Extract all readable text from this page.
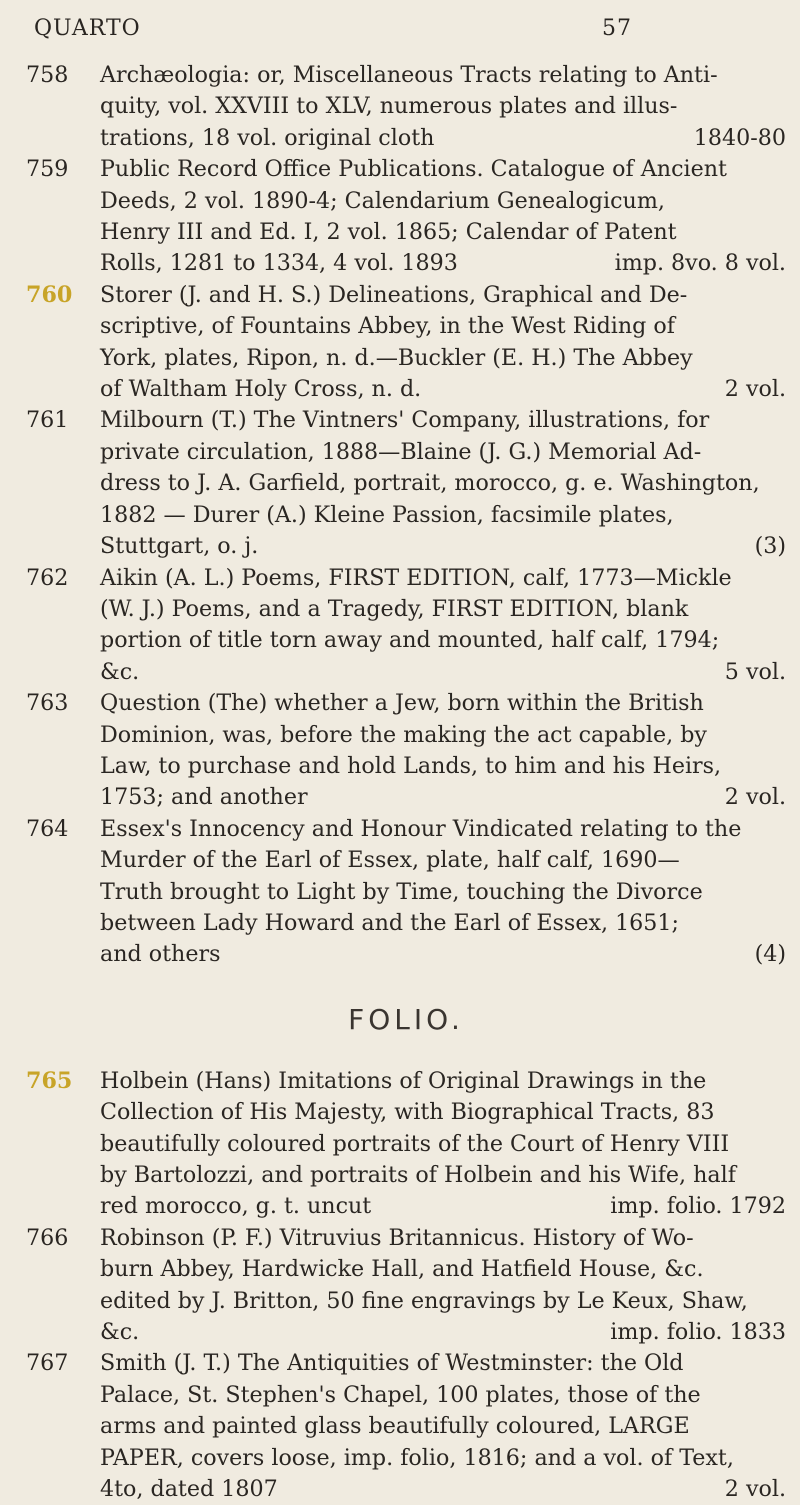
QUARTO	57
758	Archæologia: or, Miscellaneous Tracts relating to Anti-
quity, vol. XXVIII to XLV, numerous plates and illus-
trations, 18 vol. original cloth	1840-80
759	Public Record Office Publications. Catalogue of Ancient
Deeds, 2 vol. 1890-4; Calendarium Genealogicum,
Henry III and Ed. I, 2 vol. 1865; Calendar of Patent
Rolls, 1281 to 1334, 4 vol. 1893	imp. 8vo. 8 vol.
760	Storer (J. and H. S.) Delineations, Graphical and De-
scriptive, of Fountains Abbey, in the West Riding of
York, plates, Ripon, n. d.—Buckler (E. H.) The Abbey
of Waltham Holy Cross, n. d.	2 vol.
761	Milbourn (T.) The Vintners' Company, illustrations, for
private circulation, 1888—Blaine (J. G.) Memorial Ad-
dress to J. A. Garfield, portrait, morocco, g. e. Washington,
1882 — Durer (A.) Kleine Passion, facsimile plates,
Stuttgart, o. j.	(3)
762	Aikin (A. L.) Poems, FIRST EDITION, calf, 1773—Mickle
(W. J.) Poems, and a Tragedy, FIRST EDITION, blank
portion of title torn away and mounted, half calf, 1794;
&c.	5 vol.
763	Question (The) whether a Jew, born within the British
Dominion, was, before the making the act capable, by
Law, to purchase and hold Lands, to him and his Heirs,
1753; and another	2 vol.
764	Essex's Innocency and Honour Vindicated relating to the
Murder of the Earl of Essex, plate, half calf, 1690—
Truth brought to Light by Time, touching the Divorce
between Lady Howard and the Earl of Essex, 1651;
and others	(4)
FOLIO.
765	Holbein (Hans) Imitations of Original Drawings in the
Collection of His Majesty, with Biographical Tracts, 83
beautifully coloured portraits of the Court of Henry VIII
by Bartolozzi, and portraits of Holbein and his Wife, half
red morocco, g. t. uncut	imp. folio. 1792
766	Robinson (P. F.) Vitruvius Britannicus. History of Wo-
burn Abbey, Hardwicke Hall, and Hatfield House, &c.
edited by J. Britton, 50 fine engravings by Le Keux, Shaw,
&c.	imp. folio. 1833
767	Smith (J. T.) The Antiquities of Westminster: the Old
Palace, St. Stephen's Chapel, 100 plates, those of the
arms and painted glass beautifully coloured, LARGE
PAPER, covers loose, imp. folio, 1816; and a vol. of Text,
4to, dated 1807	2 vol.
